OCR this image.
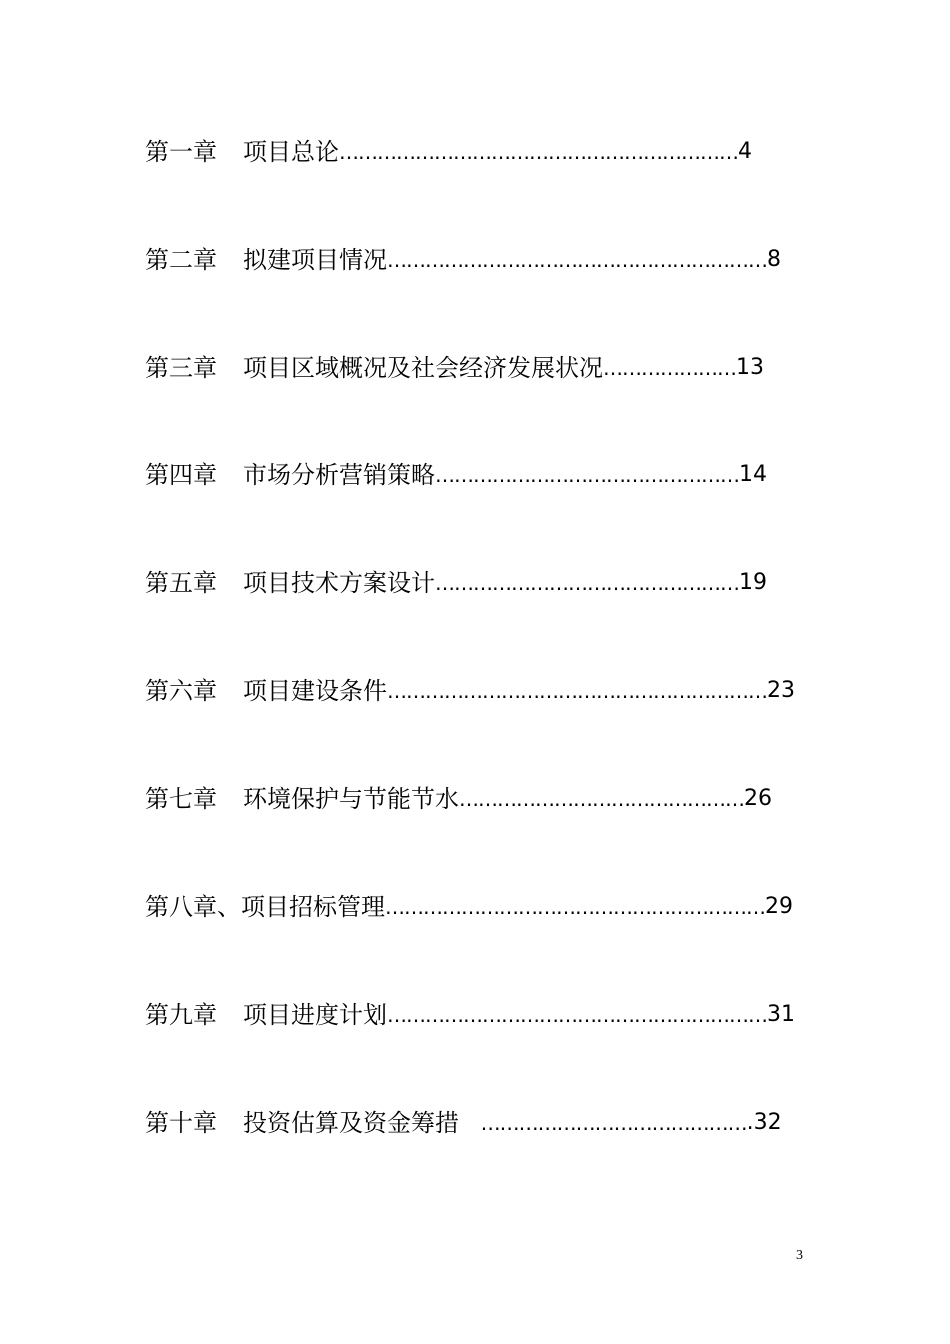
第一章 项目总论 ……………………………………………………… 4
第二章 拟建项目情况 …………………………………………………… 8
第三章 项目区域概况及社会经济发展状况 ………………… 13
第四章 市场分析营销策略 ………………………………………… 14
第五章 项目技术方案设计 ………………………………………… 19
第六章 项目建设条件 …………………………………………………… 23
第七章 环境保护与节能节水 ……………………………………… 26
第八章、 项目招标管理 …………………………………………………… 29
第九章 项目进度计划 …………………………………………………… 31
第十章 投资估算及资金筹措 …………………………………… .32
3
